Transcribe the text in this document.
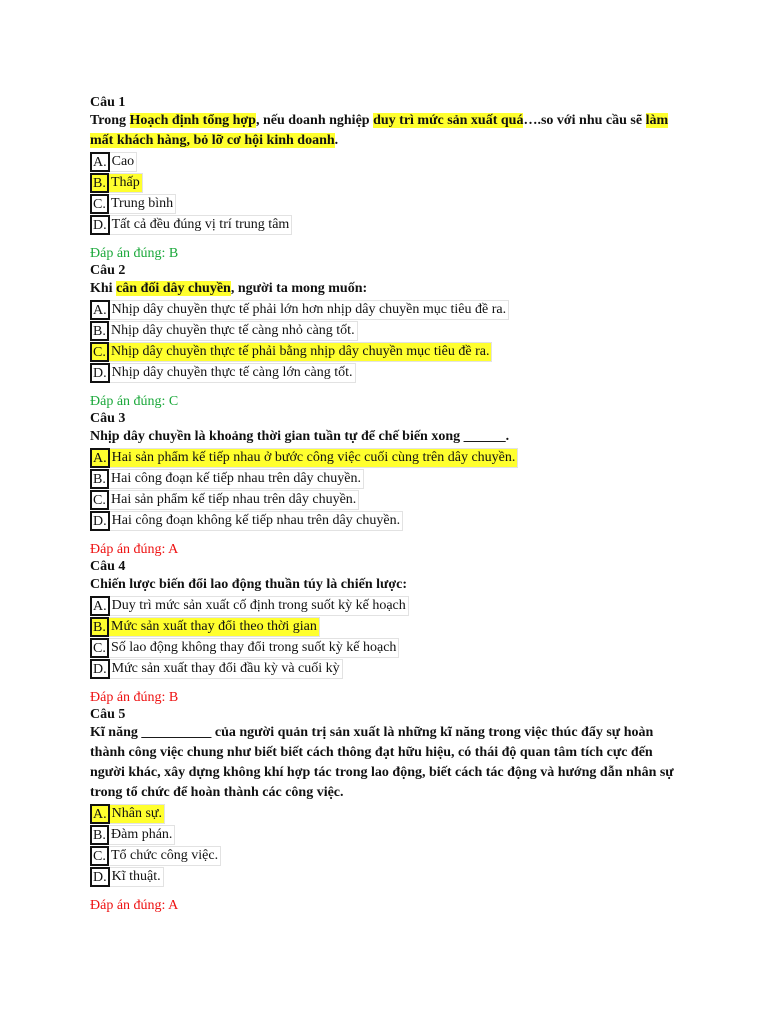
Câu 1
Trong Hoạch định tổng hợp, nếu doanh nghiệp duy trì mức sản xuất quá….so với nhu cầu sẽ làm mất khách hàng, bỏ lỡ cơ hội kinh doanh.
A. Cao
B. Thấp
C. Trung bình
D. Tất cả đều đúng vị trí trung tâm
Đáp án đúng: B
Câu 2
Khi cân đối dây chuyền, người ta mong muốn:
A. Nhịp dây chuyền thực tế phải lớn hơn nhịp dây chuyền mục tiêu đề ra.
B. Nhịp dây chuyền thực tế càng nhỏ càng tốt.
C. Nhịp dây chuyền thực tế phải bằng nhịp dây chuyền mục tiêu đề ra.
D. Nhịp dây chuyền thực tế càng lớn càng tốt.
Đáp án đúng: C
Câu 3
Nhịp dây chuyền là khoảng thời gian tuần tự để chế biến xong ______.
A. Hai sản phẩm kế tiếp nhau ở bước công việc cuối cùng trên dây chuyền.
B. Hai công đoạn kế tiếp nhau trên dây chuyền.
C. Hai sản phẩm kế tiếp nhau trên dây chuyền.
D. Hai công đoạn không kế tiếp nhau trên dây chuyền.
Đáp án đúng: A
Câu 4
Chiến lược biến đổi lao động thuần túy là chiến lược:
A. Duy trì mức sản xuất cố định trong suốt kỳ kế hoạch
B. Mức sản xuất thay đổi theo thời gian
C. Số lao động không thay đổi trong suốt kỳ kế hoạch
D. Mức sản xuất thay đổi đầu kỳ và cuối kỳ
Đáp án đúng: B
Câu 5
Kĩ năng __________ của người quản trị sản xuất là những kĩ năng trong việc thúc đẩy sự hoàn thành công việc chung như biết biết cách thông đạt hữu hiệu, có thái độ quan tâm tích cực đến người khác, xây dựng không khí hợp tác trong lao động, biết cách tác động và hướng dẫn nhân sự trong tổ chức để hoàn thành các công việc.
A. Nhân sự.
B. Đàm phán.
C. Tổ chức công việc.
D. Kĩ thuật.
Đáp án đúng: A
